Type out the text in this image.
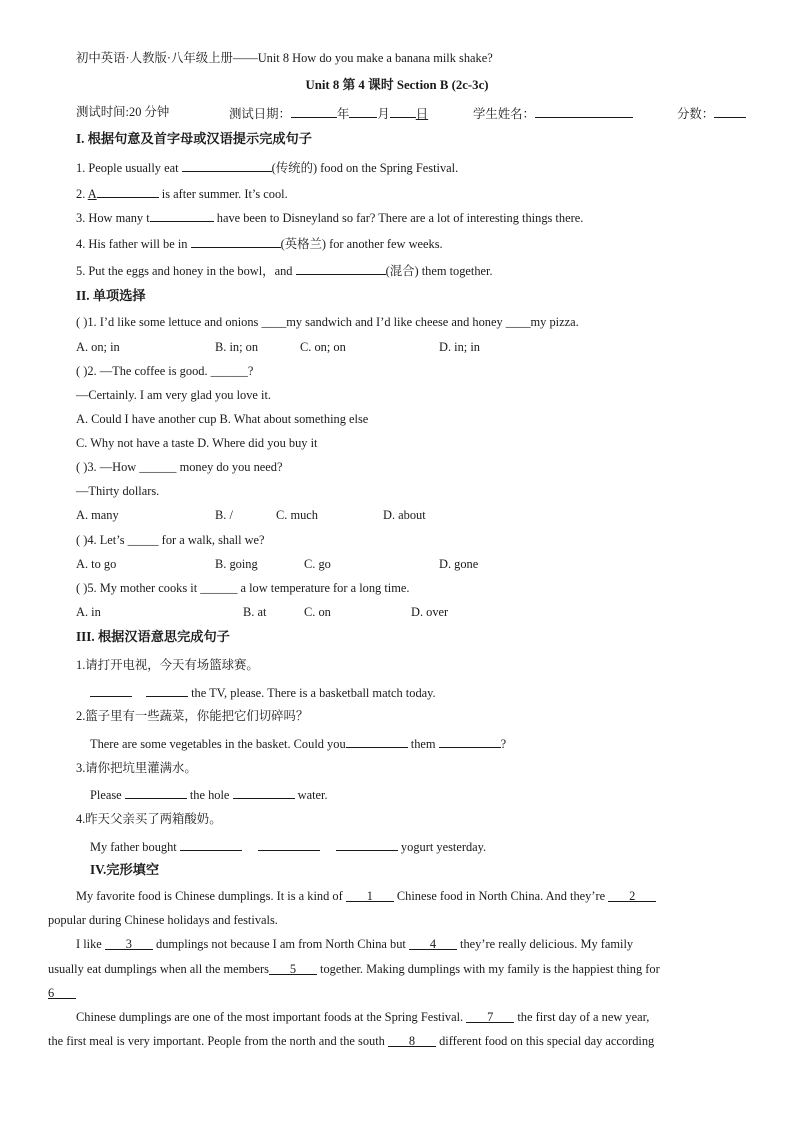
初中英语·人教版·八年级上册——Unit 8 How do you make a banana milk shake?
Unit 8 第 4 课时 Section B (2c-3c)
测试时间:20 分钟	测试日期：	年 月 日	学生姓名：	分数：
I. 根据句意及首字母或汉语提示完成句子
1. People usually eat	(传统的) food on the Spring Festival.
2. A	is after summer. It’s cool.
3. How many t	have been to Disneyland so far? There are a lot of interesting things there.
4. His father will be in	(英格兰) for another few weeks.
5. Put the eggs and honey in the bowl，and	(混合) them together.
II. 单项选择
( )1. I’d like some lettuce and onions ____my sandwich and I’d like cheese and honey ____my pizza.
A. on; in	B. in; on	C. on; on	D. in; in
( )2. —The coffee is good. ______?
—Certainly. I am very glad you love it.
A. Could I have another cup B. What about something else
C. Why not have a taste D. Where did you buy it
( )3. —How ______ money do you need?
—Thirty dollars.
A. many	B. /	C. much	D. about
( )4. Let’s _____ for a walk, shall we?
A. to go	B. going	C. go	D. gone
( )5. My mother cooks it ______ a low temperature for a long time.
A. in	B. at	C. on	D. over
III. 根据汉语意思完成句子
1.请打开电视，今天有场篮球赛。
the TV, please. There is a basketball match today.
2.篮子里有一些蔬菜，你能把它们切碎吗？
There are some vegetables in the basket. Could you	them	?
3.请你把坑里灌满水。
Please	the hole	water.
4.昨天父亲买了两箱酸奶。
My father bought	yogurt yesterday.
IV.完形填空
My favorite food is Chinese dumplings. It is a kind of 1 Chinese food in North China. And they’re 2
popular during Chinese holidays and festivals.
I like 3 dumplings not because I am from North China but 4 they’re really delicious. My family
usually eat dumplings when all the members 5 together. Making dumplings with my family is the happiest thing for
6
Chinese dumplings are one of the most important foods at the Spring Festival. 7 the first day of a new year,
the first meal is very important. People from the north and the south 8 different food on this special day according
